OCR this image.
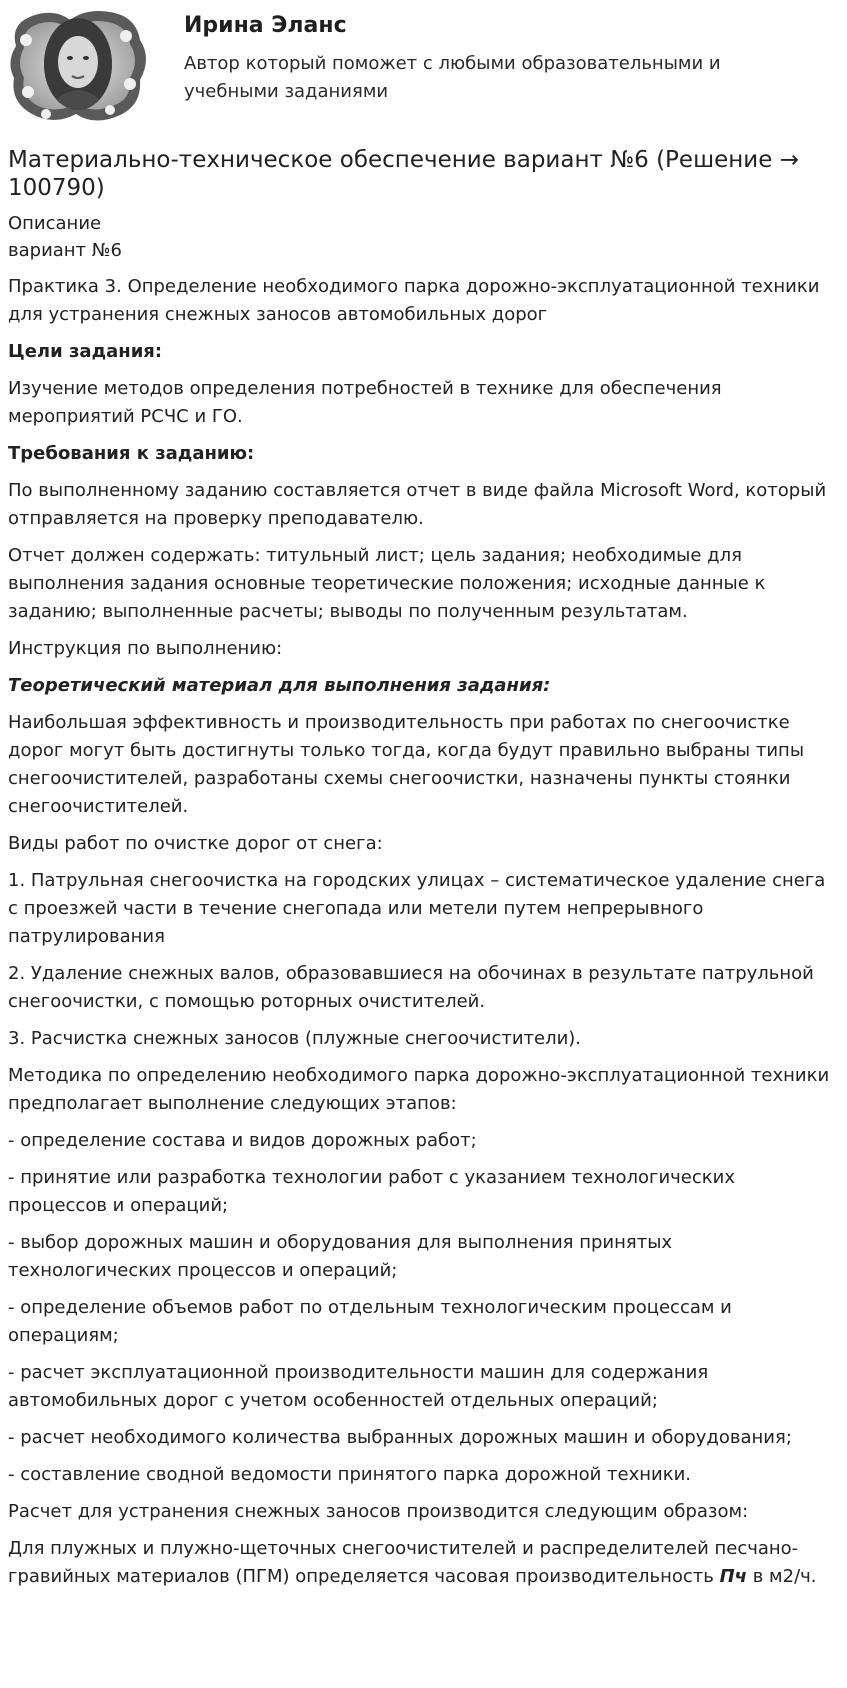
Ирина Эланс
Автор который поможет с любыми образовательными и учебными заданиями
Материально-техническое обеспечение вариант №6 (Решение → 100790)

Описание

вариант №6

Практика 3. Определение необходимого парка дорожно-эксплуатационной техники для устранения снежных заносов автомобильных дорог

Цели задания:

Изучение методов определения потребностей в технике для обеспечения мероприятий РСЧС и ГО.

Требования к заданию:

По выполненному заданию составляется отчет в виде файла Microsoft Word, который отправляется на проверку преподавателю.

Отчет должен содержать: титульный лист; цель задания; необходимые для выполнения задания основные теоретические положения; исходные данные к заданию; выполненные расчеты; выводы по полученным результатам.

Инструкция по выполнению:

Теоретический материал для выполнения задания:

Наибольшая эффективность и производительность при работах по снегоочистке дорог могут быть достигнуты только тогда, когда будут правильно выбраны типы снегоочистителей, разработаны схемы снегоочистки, назначены пункты стоянки снегоочистителей.

Виды работ по очистке дорог от снега:

1. Патрульная снегоочистка на городских улицах – систематическое удаление снега с проезжей части в течение снегопада или метели путем непрерывного патрулирования

2. Удаление снежных валов, образовавшиеся на обочинах в результате патрульной снегоочистки, с помощью роторных очистителей.

3. Расчистка снежных заносов (плужные снегоочистители).

Методика по определению необходимого парка дорожно-эксплуатационной техники предполагает выполнение следующих этапов:

- определение состава и видов дорожных работ;

- принятие или разработка технологии работ с указанием технологических процессов и операций;

- выбор дорожных машин и оборудования для выполнения принятых технологических процессов и операций;

- определение объемов работ по отдельным технологическим процессам и операциям;

- расчет эксплуатационной производительности машин для содержания автомобильных дорог с учетом особенностей отдельных операций;

- расчет необходимого количества выбранных дорожных машин и оборудования;

- составление сводной ведомости принятого парка дорожной техники.

Расчет для устранения снежных заносов производится следующим образом:

Для плужных и плужно-щеточных снегоочистителей и распределителей песчано-гравийных материалов (ПГМ) определяется часовая производительность Пч в м2/ч.
